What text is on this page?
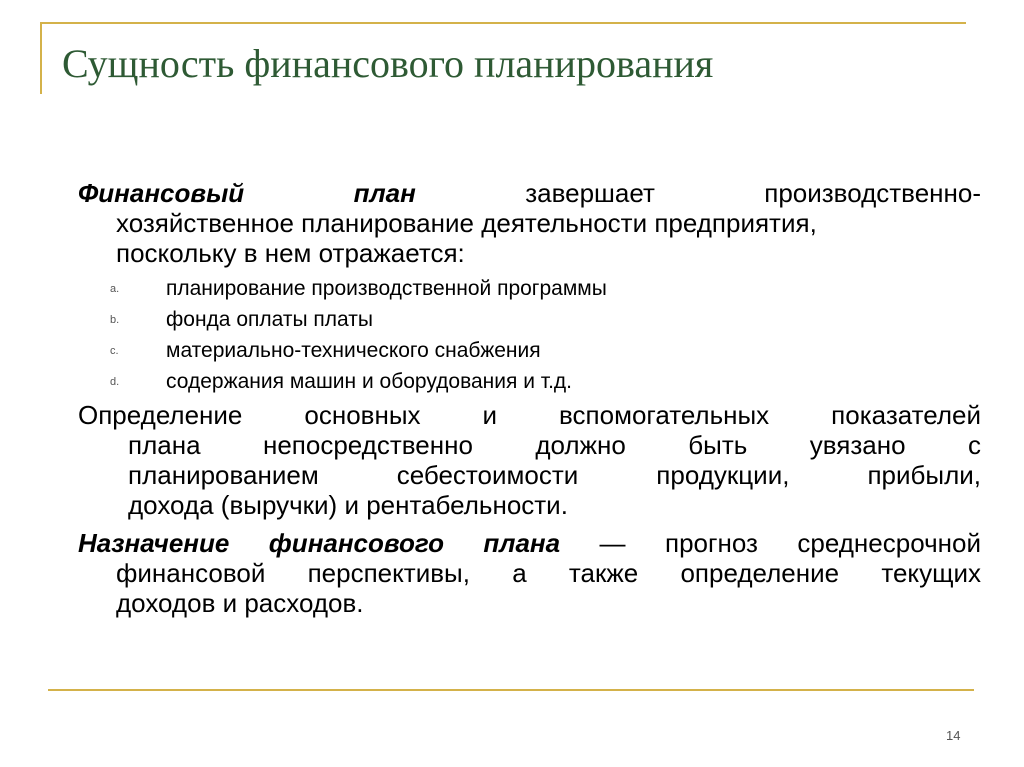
Сущность финансового планирования
Финансовый план	завершает производственно-
хозяйственное планирование деятельности предприятия,
поскольку в нем отражается:
a. планирование производственной программы
b. фонда оплаты платы
c. материально-технического снабжения
d. содержания машин и оборудования и т.д.
Определение основных и вспомогательных показателей
плана непосредственно должно быть увязано с
планированием себестоимости продукции, прибыли,
дохода (выручки) и рентабельности.
Назначение финансового плана — прогноз среднесрочной
финансовой перспективы, а также определение текущих
доходов и расходов.
14
